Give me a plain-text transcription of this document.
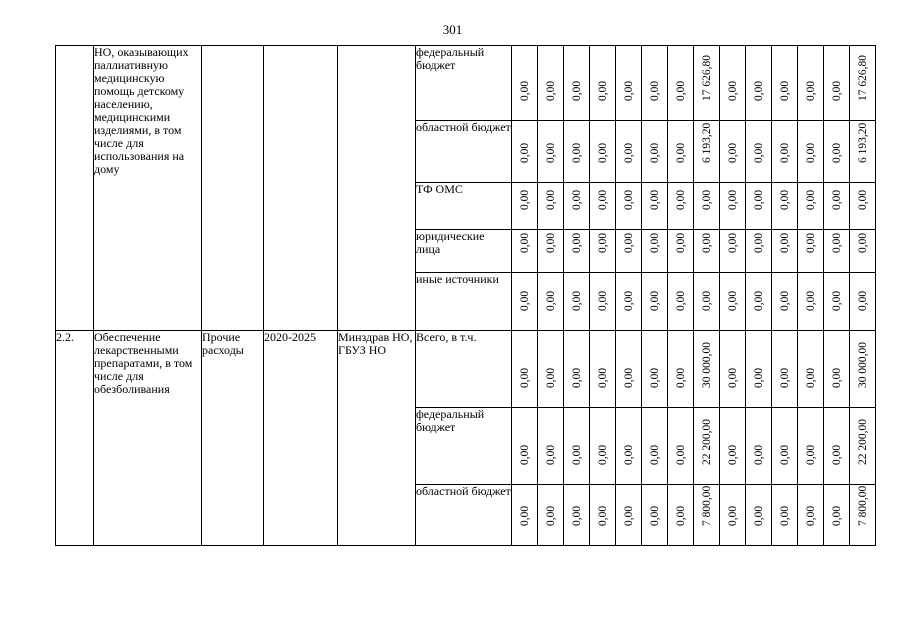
301
	НО, оказывающих паллиативную медицинскую помощь детскому населению, медицинскими изделиями, в том числе для использования на дому				федеральный бюджет	0,00	0,00	0,00	0,00	0,00	0,00	0,00	17 626,80	0,00	0,00	0,00	0,00	0,00	17 626,80

					областной бюджет	0,00	0,00	0,00	0,00	0,00	0,00	0,00	6 193,20	0,00	0,00	0,00	0,00	0,00	6 193,20

					ТФ ОМС	0,00	0,00	0,00	0,00	0,00	0,00	0,00	0,00	0,00	0,00	0,00	0,00	0,00	0,00

					юридические лица	0,00	0,00	0,00	0,00	0,00	0,00	0,00	0,00	0,00	0,00	0,00	0,00	0,00	0,00

					иные источники	0,00	0,00	0,00	0,00	0,00	0,00	0,00	0,00	0,00	0,00	0,00	0,00	0,00	0,00

2.2.	Обеспечение лекарственными препаратами, в том числе для обезболивания	Прочие расходы	2020-2025	Минздрав НО, ГБУЗ НО	Всего, в т.ч.	0,00	0,00	0,00	0,00	0,00	0,00	0,00	30 000,00	0,00	0,00	0,00	0,00	0,00	30 000,00

					федеральный бюджет	0,00	0,00	0,00	0,00	0,00	0,00	0,00	22 200,00	0,00	0,00	0,00	0,00	0,00	22 200,00

					областной бюджет	0,00	0,00	0,00	0,00	0,00	0,00	0,00	7 800,00	0,00	0,00	0,00	0,00	0,00	7 800,00
